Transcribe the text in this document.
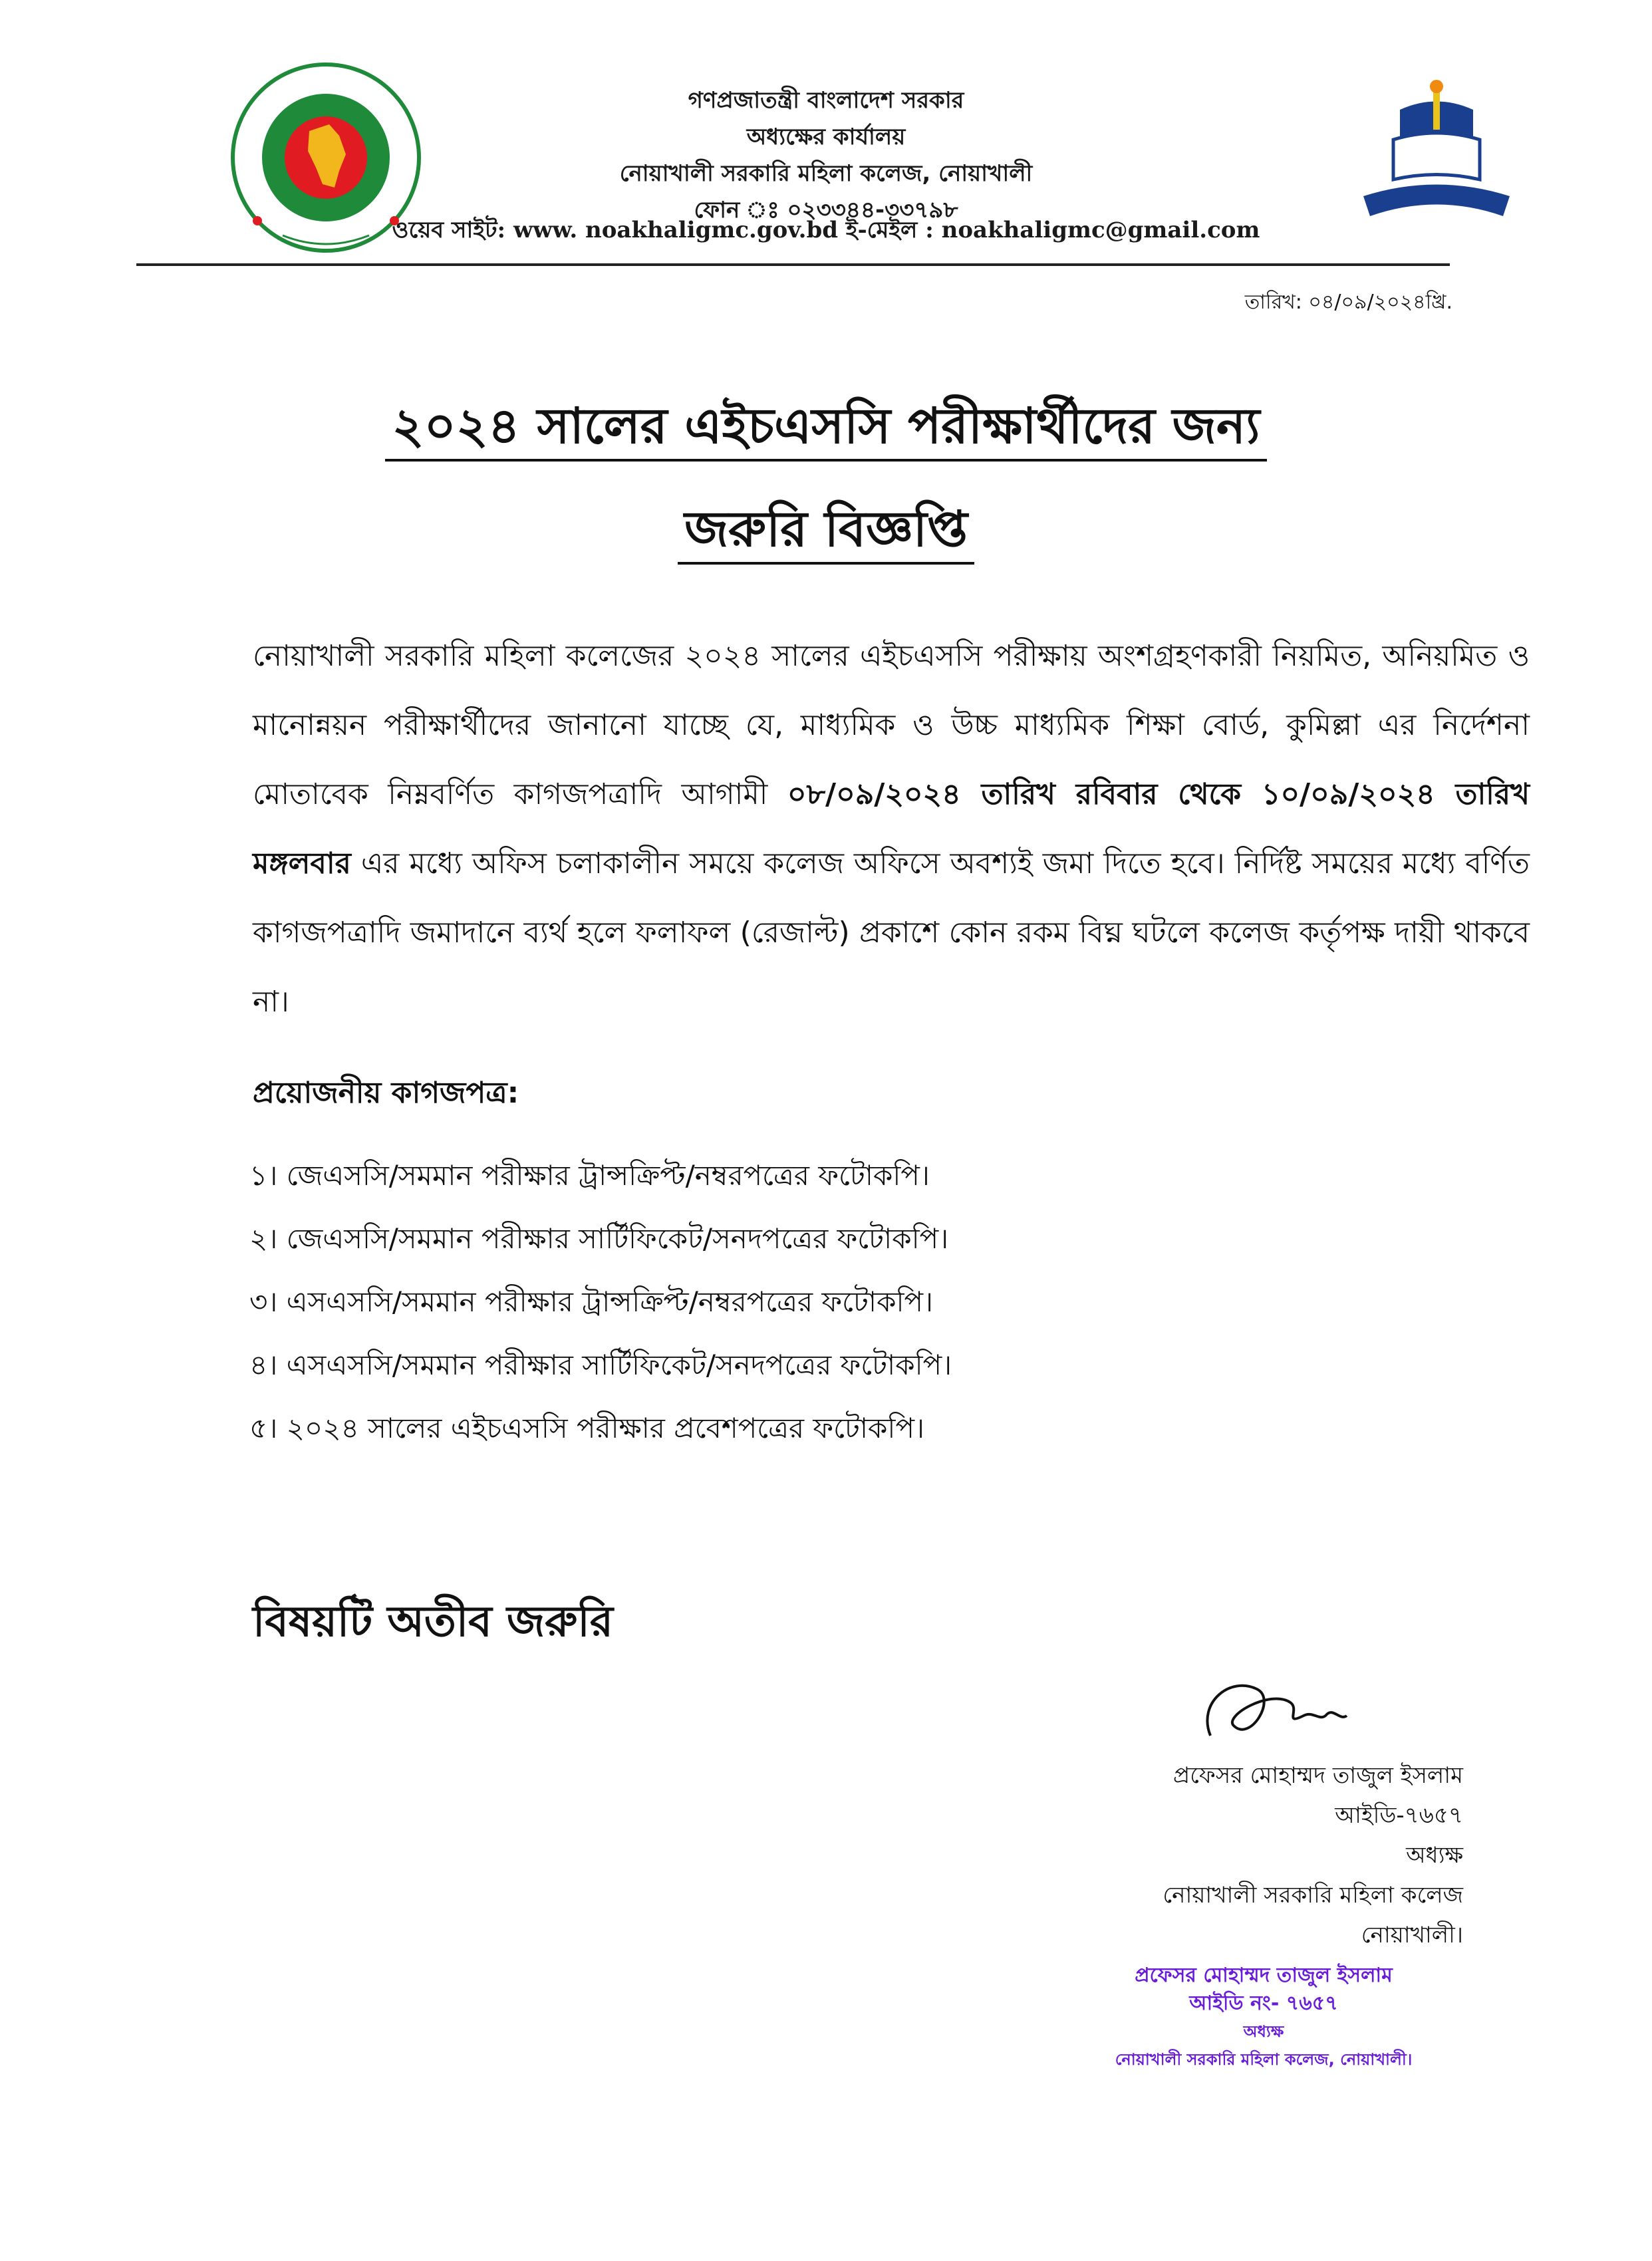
গণপ্রজাতন্ত্রী বাংলাদেশ সরকার
অধ্যক্ষের কার্যালয়
নোয়াখালী সরকারি মহিলা কলেজ, নোয়াখালী
ফোন ঃ ০২৩৩৪৪-৩৩৭৯৮
ওয়েব সাইট: www. noakhaligmc.gov.bd ই-মেইল : noakhaligmc@gmail.com
তারিখ: ০৪/০৯/২০২৪খ্রি.
২০২৪ সালের এইচএসসি পরীক্ষার্থীদের জন্য
জরুরি বিজ্ঞপ্তি
নোয়াখালী সরকারি মহিলা কলেজের ২০২৪ সালের এইচএসসি পরীক্ষায় অংশগ্রহণকারী নিয়মিত, অনিয়মিত ও মানোন্নয়ন পরীক্ষার্থীদের জানানো যাচ্ছে যে, মাধ্যমিক ও উচ্চ মাধ্যমিক শিক্ষা বোর্ড, কুমিল্লা এর নির্দেশনা মোতাবেক নিম্নবর্ণিত কাগজপত্রাদি আগামী ০৮/০৯/২০২৪ তারিখ রবিবার থেকে ১০/০৯/২০২৪ তারিখ মঙ্গলবার এর মধ্যে অফিস চলাকালীন সময়ে কলেজ অফিসে অবশ্যই জমা দিতে হবে। নির্দিষ্ট সময়ের মধ্যে বর্ণিত কাগজপত্রাদি জমাদানে ব্যর্থ হলে ফলাফল (রেজাল্ট) প্রকাশে কোন রকম বিঘ্ন ঘটলে কলেজ কর্তৃপক্ষ দায়ী থাকবে না।
প্রয়োজনীয় কাগজপত্র:
১। জেএসসি/সমমান পরীক্ষার ট্রান্সক্রিপ্ট/নম্বরপত্রের ফটোকপি।
২। জেএসসি/সমমান পরীক্ষার সার্টিফিকেট/সনদপত্রের ফটোকপি।
৩। এসএসসি/সমমান পরীক্ষার ট্রান্সক্রিপ্ট/নম্বরপত্রের ফটোকপি।
৪। এসএসসি/সমমান পরীক্ষার সার্টিফিকেট/সনদপত্রের ফটোকপি।
৫। ২০২৪ সালের এইচএসসি পরীক্ষার প্রবেশপত্রের ফটোকপি।
বিষয়টি অতীব জরুরি
প্রফেসর মোহাম্মদ তাজুল ইসলাম
আইডি-৭৬৫৭
অধ্যক্ষ
নোয়াখালী সরকারি মহিলা কলেজ
নোয়াখালী।
প্রফেসর মোহাম্মদ তাজুল ইসলাম
আইডি নং- ৭৬৫৭
অধ্যক্ষ
নোয়াখালী সরকারি মহিলা কলেজ, নোয়াখালী।
